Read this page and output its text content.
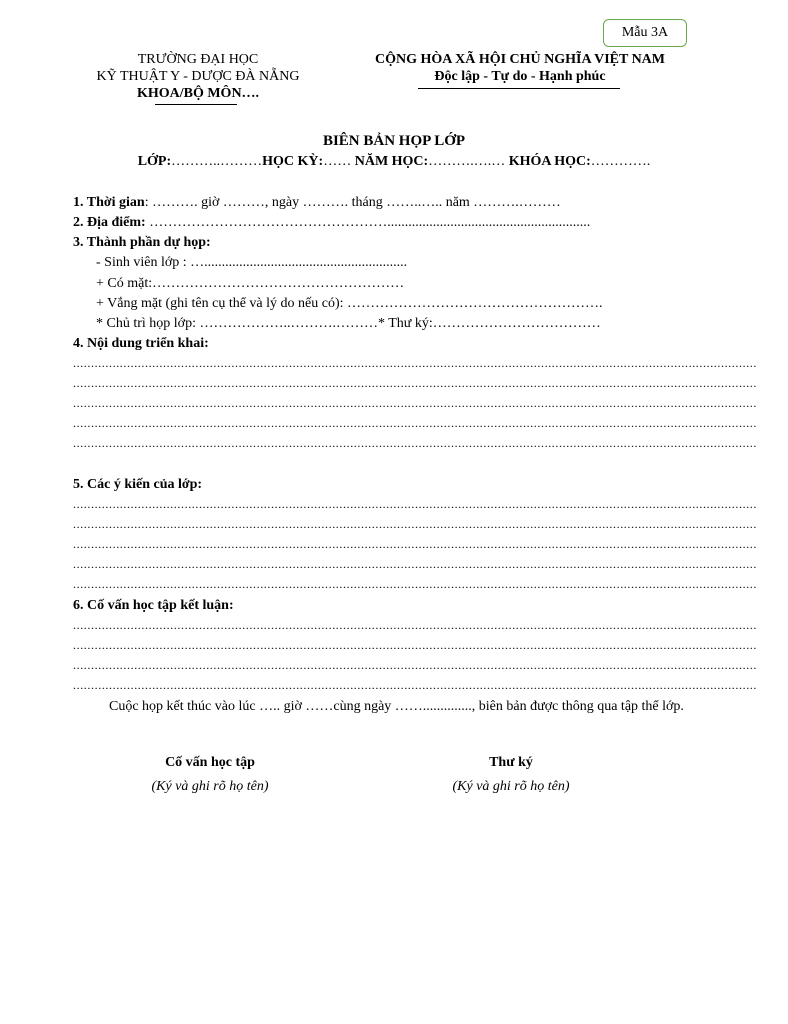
Mẫu 3A
TRƯỜNG ĐẠI HỌC
KỸ THUẬT Y - DƯỢC ĐÀ NẴNG
KHOA/BỘ MÔN….
CỘNG HÒA XÃ HỘI CHỦ NGHĨA VIỆT NAM
Độc lập - Tự do - Hạnh phúc
BIÊN BẢN HỌP LỚP
LỚP:………..………HỌC KỲ:…… NĂM HỌC:……….….… KHÓA HỌC:………….
1. Thời gian: ………. giờ ………, ngày ………. tháng ……..….. năm ……….………
2. Địa điểm: ……………………………………………..........................................................
3. Thành phần dự họp:
- Sinh viên lớp : …..........................................................
+ Có mặt:………………………………………………
+ Vắng mặt (ghi tên cụ thể và lý do nếu có): ……………………………………………….
* Chủ trì họp lớp: ………………..……….………* Thư ký:………………………………
4. Nội dung triển khai:
..............................................................................................................................................................................................
..............................................................................................................................................................................................
..............................................................................................................................................................................................
..............................................................................................................................................................................................
..............................................................................................................................................................................................
5. Các ý kiến của lớp:
..............................................................................................................................................................................................
..............................................................................................................................................................................................
..............................................................................................................................................................................................
..............................................................................................................................................................................................
..............................................................................................................................................................................................
6. Cố vấn học tập kết luận:
..............................................................................................................................................................................................
..............................................................................................................................................................................................
..............................................................................................................................................................................................
..............................................................................................................................................................................................
Cuộc họp kết thúc vào lúc ….. giờ ……cùng ngày …….............., biên bản được thông qua tập thể lớp.
Cố vấn học tập
(Ký và ghi rõ họ tên)
Thư ký
(Ký và ghi rõ họ tên)
